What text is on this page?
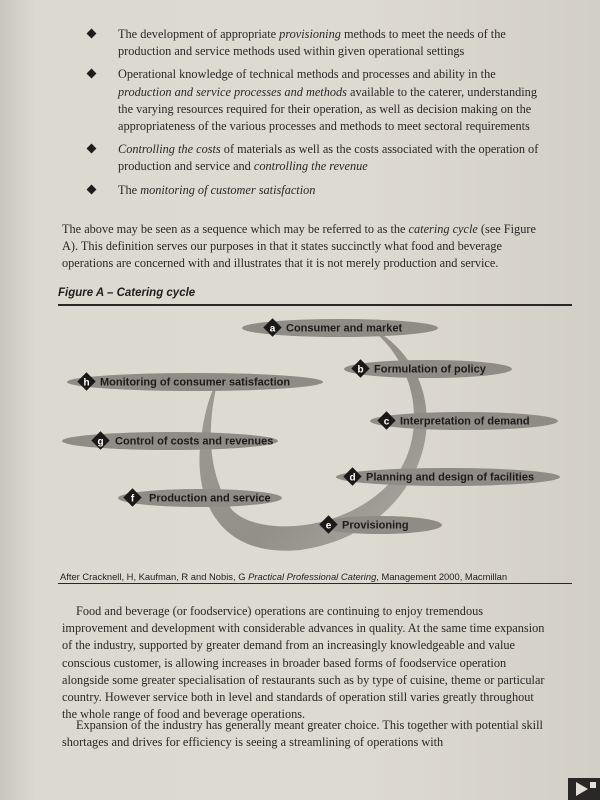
The development of appropriate provisioning methods to meet the needs of the production and service methods used within given operational settings
Operational knowledge of technical methods and processes and ability in the production and service processes and methods available to the caterer, understanding the varying resources required for their operation, as well as decision making on the appropriateness of the various processes and methods to meet sectoral requirements
Controlling the costs of materials as well as the costs associated with the operation of production and service and controlling the revenue
The monitoring of customer satisfaction

The above may be seen as a sequence which may be referred to as the catering cycle (see Figure A). This definition serves our purposes in that it states succinctly what food and beverage operations are concerned with and illustrates that it is not merely production and service.

Figure A – Catering cycle
a Consumer and market
b Formulation of policy
c Interpretation of demand
d Planning and design of facilities
e Provisioning
f Production and service
g Control of costs and revenues
h Monitoring of consumer satisfaction
After Cracknell, H, Kaufman, R and Nobis, G Practical Professional Catering, Management 2000, Macmillan

Food and beverage (or foodservice) operations are continuing to enjoy tremendous improvement and development with considerable advances in quality. At the same time expansion of the industry, supported by greater demand from an increasingly knowledgeable and value conscious customer, is allowing increases in broader based forms of foodservice operation alongside some greater specialisation of restaurants such as by type of cuisine, theme or particular country. However service both in level and standards of operation still varies greatly throughout the whole range of food and beverage operations.

Expansion of the industry has generally meant greater choice. This together with potential skill shortages and drives for efficiency is seeing a streamlining of operations with
